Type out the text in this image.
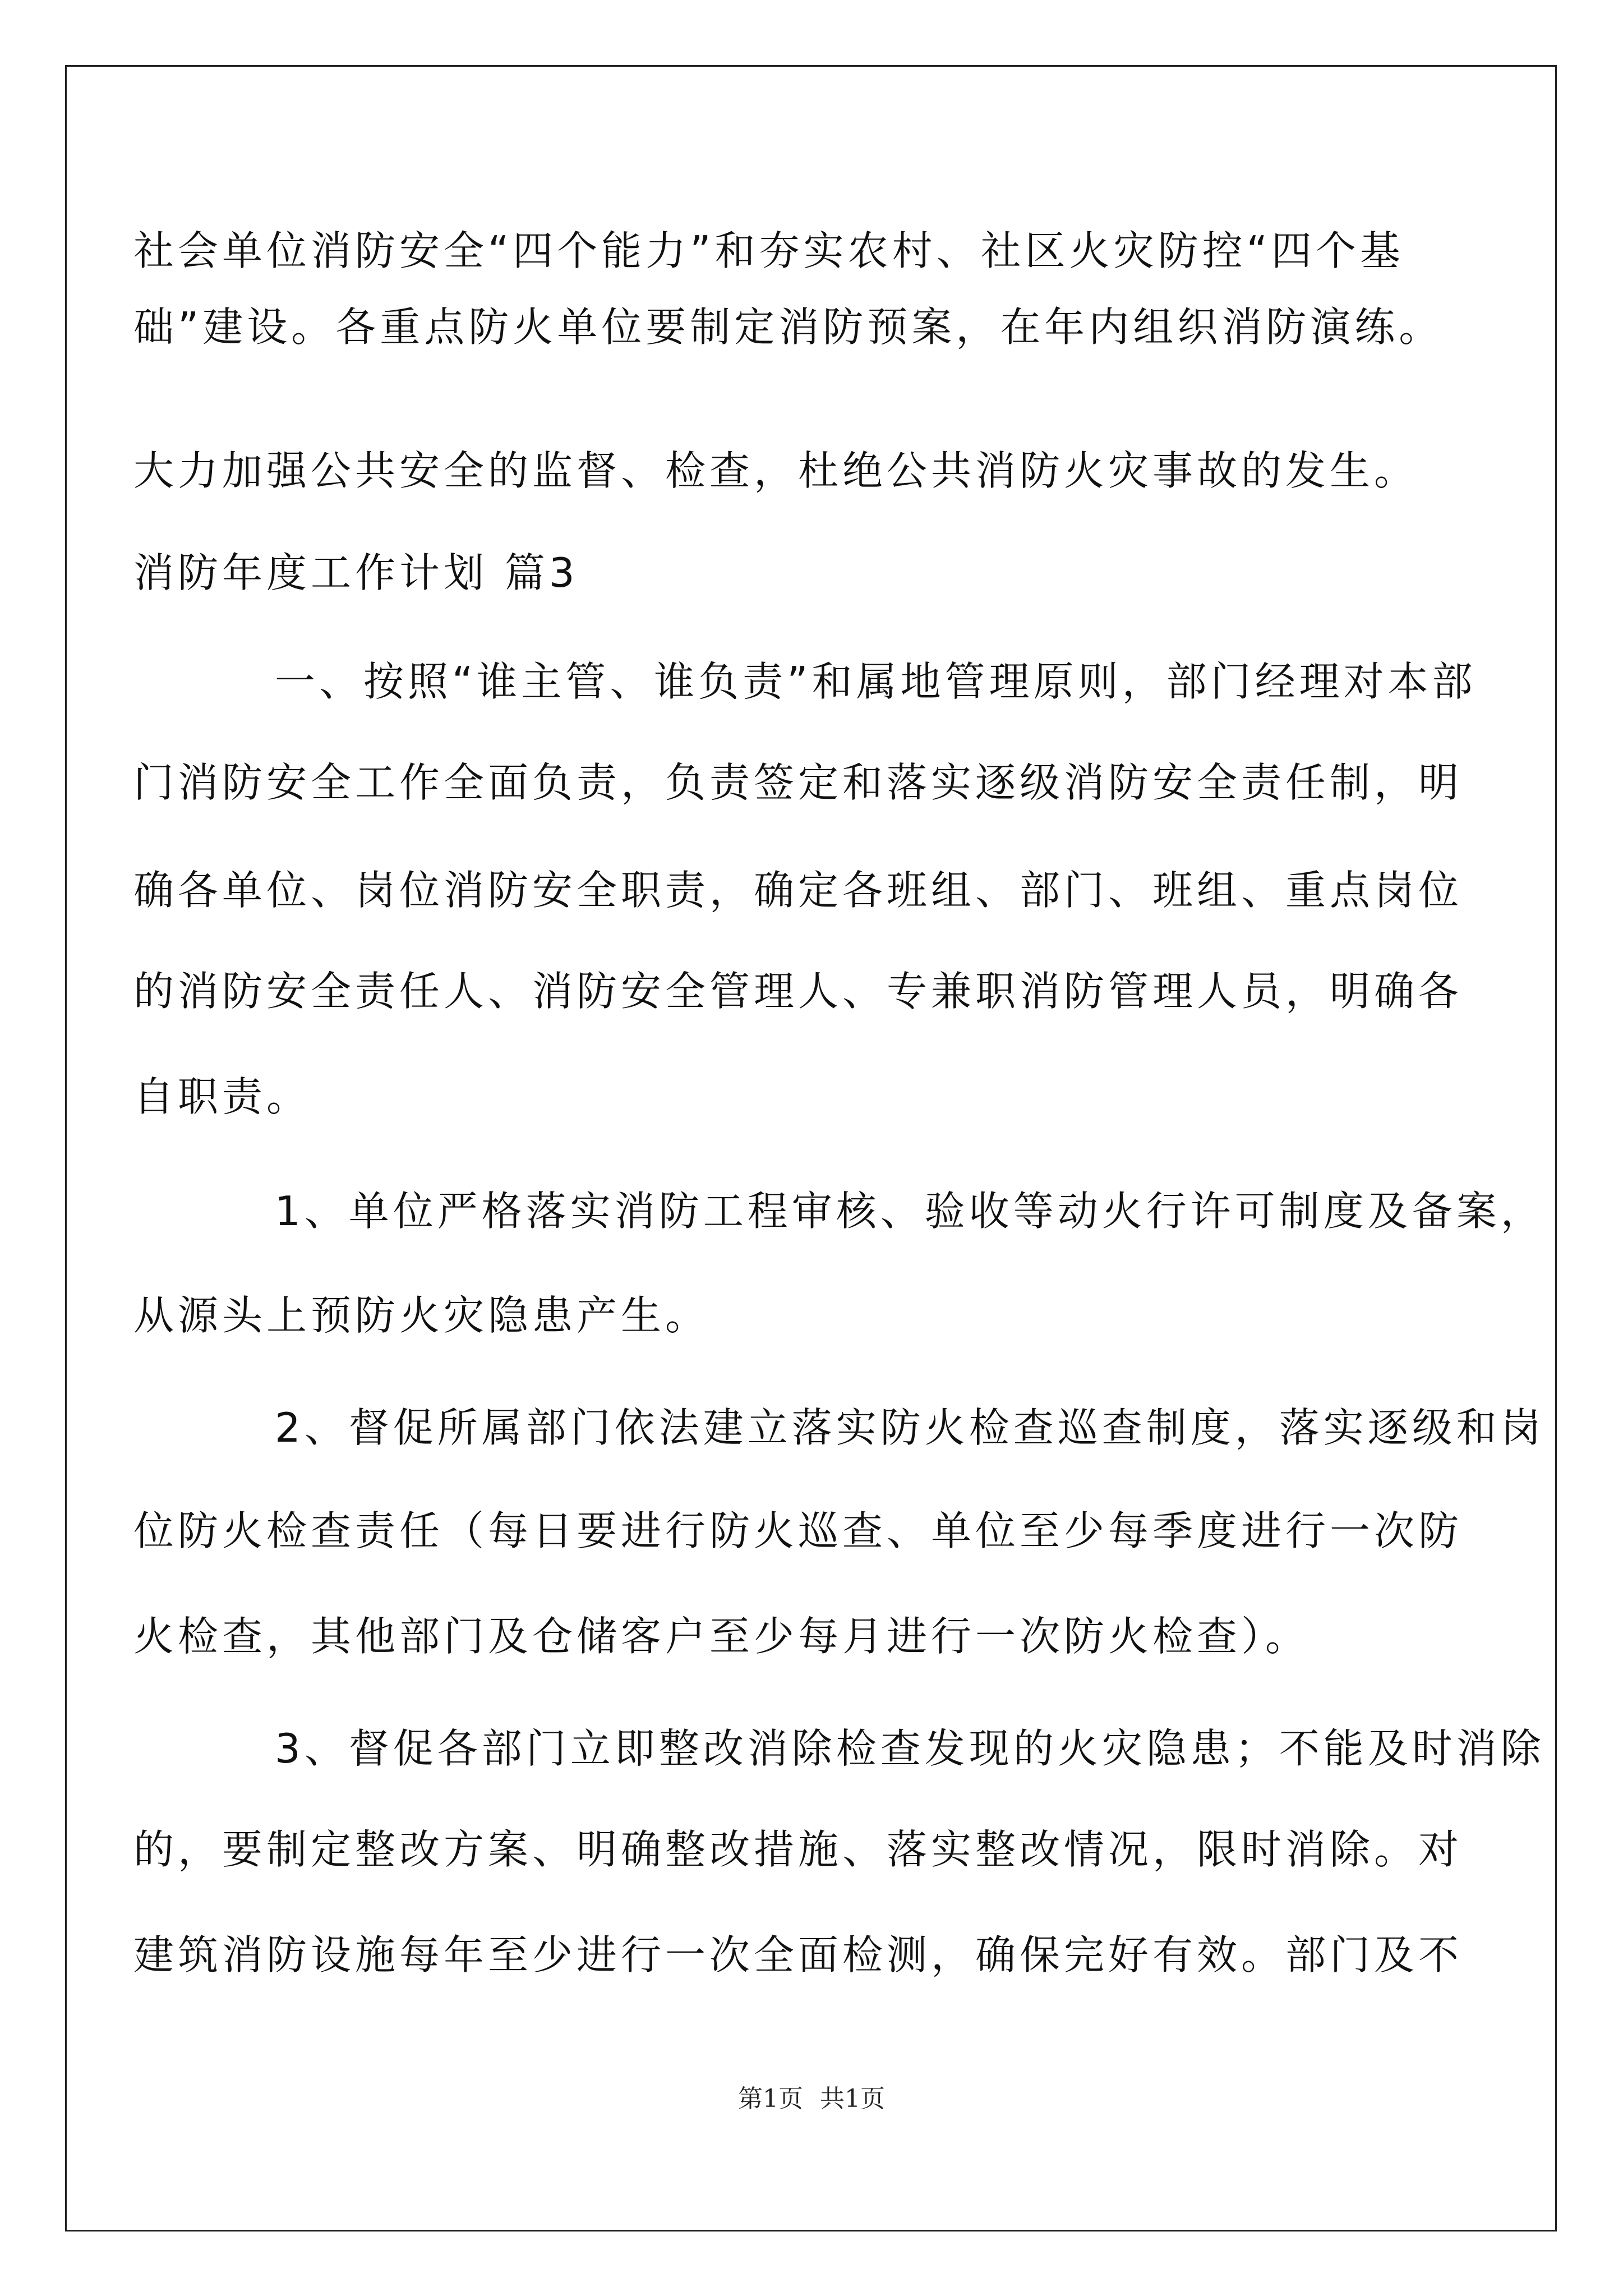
社会单位消防安全“四个能力”和夯实农村、社区火灾防控“四个基
础”建设。各重点防火单位要制定消防预案，在年内组织消防演练。
大力加强公共安全的监督、检查，杜绝公共消防火灾事故的发生。
消防年度工作计划 篇3
一、按照“谁主管、谁负责”和属地管理原则，部门经理对本部
门消防安全工作全面负责，负责签定和落实逐级消防安全责任制，明
确各单位、岗位消防安全职责，确定各班组、部门、班组、重点岗位
的消防安全责任人、消防安全管理人、专兼职消防管理人员，明确各
自职责。
1、单位严格落实消防工程审核、验收等动火行许可制度及备案，
从源头上预防火灾隐患产生。
2、督促所属部门依法建立落实防火检查巡查制度，落实逐级和岗
位防火检查责任（每日要进行防火巡查、单位至少每季度进行一次防
火检查，其他部门及仓储客户至少每月进行一次防火检查）。
3、督促各部门立即整改消除检查发现的火灾隐患；不能及时消除
的，要制定整改方案、明确整改措施、落实整改情况，限时消除。对
建筑消防设施每年至少进行一次全面检测，确保完好有效。部门及不
第1页 共1页
